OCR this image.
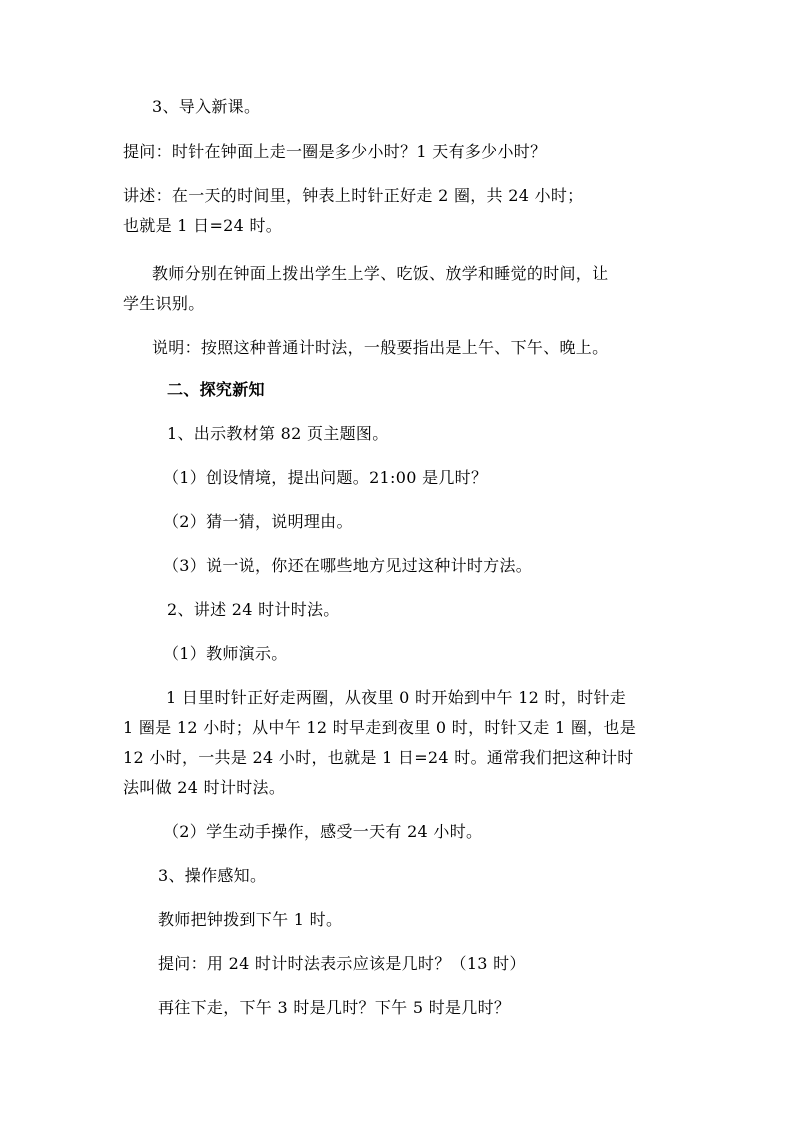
3、导入新课。
提问：时针在钟面上走一圈是多少小时？1 天有多少小时？
讲述：在一天的时间里，钟表上时针正好走 2 圈，共 24 小时；
也就是 1 日=24 时。
教师分别在钟面上拨出学生上学、吃饭、放学和睡觉的时间，让
学生识别。
说明：按照这种普通计时法，一般要指出是上午、下午、晚上。
二、探究新知
1、出示教材第 82 页主题图。
（1）创设情境，提出问题。21:00 是几时？
（2）猜一猜，说明理由。
（3）说一说，你还在哪些地方见过这种计时方法。
2、讲述 24 时计时法。
（1）教师演示。
1 日里时针正好走两圈，从夜里 0 时开始到中午 12 时，时针走
1 圈是 12 小时；从中午 12 时早走到夜里 0 时，时针又走 1 圈，也是
12 小时，一共是 24 小时，也就是 1 日=24 时。通常我们把这种计时
法叫做 24 时计时法。
（2）学生动手操作，感受一天有 24 小时。
3、操作感知。
教师把钟拨到下午 1 时。
提问：用 24 时计时法表示应该是几时？（13 时）
再往下走，下午 3 时是几时？下午 5 时是几时？
